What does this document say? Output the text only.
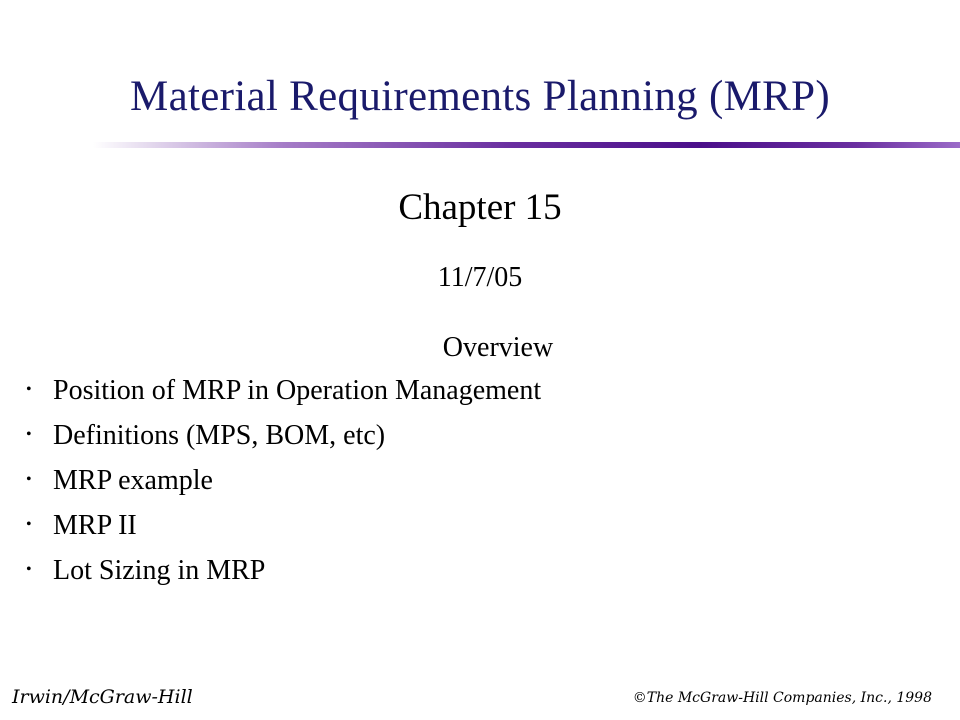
Material Requirements Planning (MRP)
Chapter 15
11/7/05
Overview
• Position of MRP in Operation Management
• Definitions (MPS, BOM, etc)
• MRP example
• MRP II
• Lot Sizing in MRP
Irwin/McGraw-Hill	©The McGraw-Hill Companies, Inc., 1998
